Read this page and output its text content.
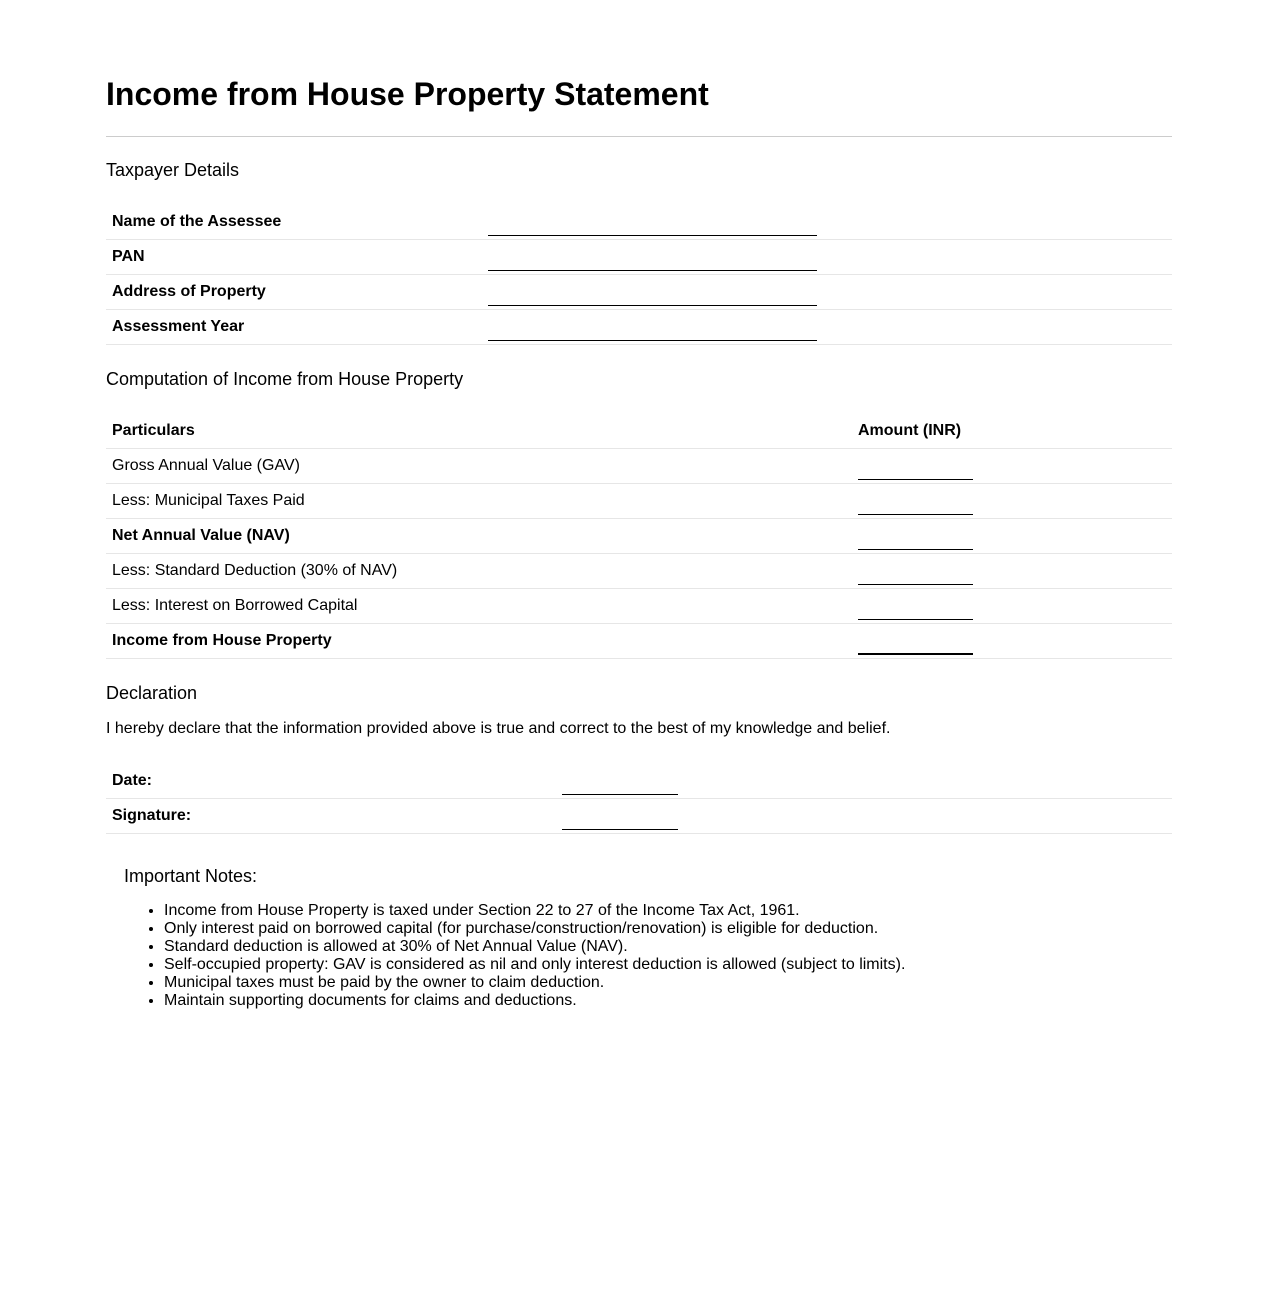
Income from House Property Statement
Taxpayer Details
Name of the Assessee	
PAN	
Address of Property	
Assessment Year	
Computation of Income from House Property
Particulars	Amount (INR)
Gross Annual Value (GAV)	
Less: Municipal Taxes Paid	
Net Annual Value (NAV)	
Less: Standard Deduction (30% of NAV)	
Less: Interest on Borrowed Capital	
Income from House Property	
Declaration

I hereby declare that the information provided above is true and correct to the best of my knowledge and belief.

Date:	
Signature:	
Important Notes:
• Income from House Property is taxed under Section 22 to 27 of the Income Tax Act, 1961.
• Only interest paid on borrowed capital (for purchase/construction/renovation) is eligible for deduction.
• Standard deduction is allowed at 30% of Net Annual Value (NAV).
• Self-occupied property: GAV is considered as nil and only interest deduction is allowed (subject to limits).
• Municipal taxes must be paid by the owner to claim deduction.
• Maintain supporting documents for claims and deductions.
